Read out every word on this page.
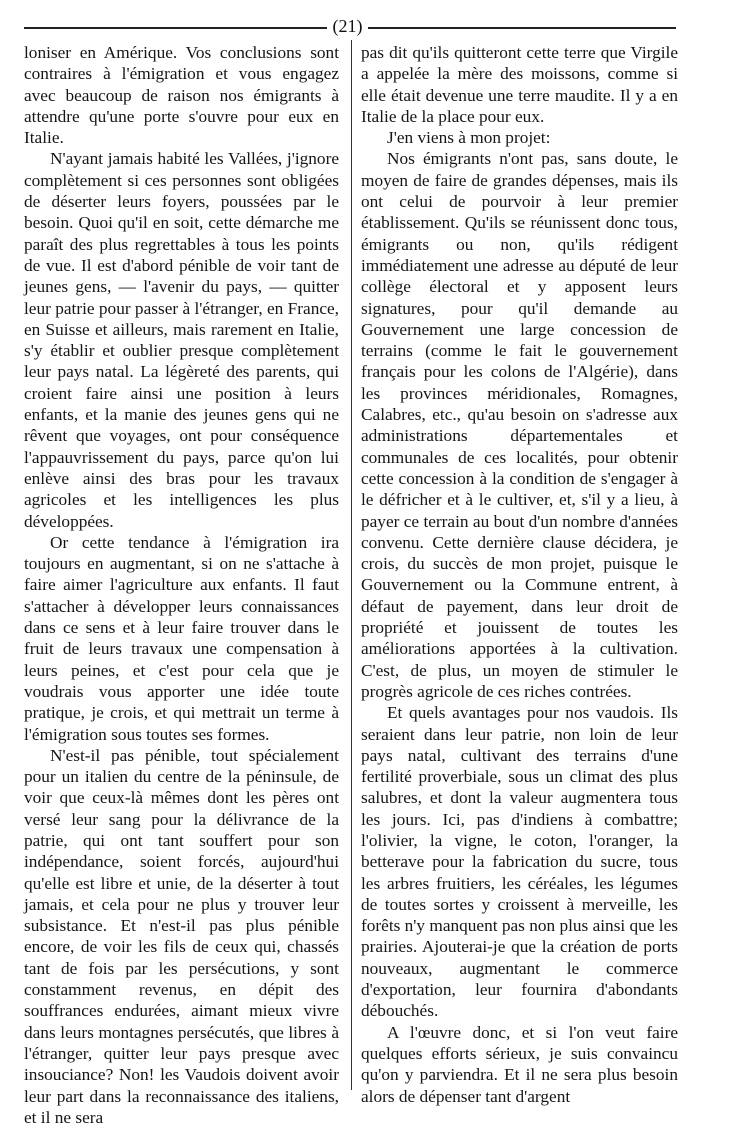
(21)

loniser en Amérique. Vos conclusions sont contraires à l'émigration et vous engagez avec beaucoup de raison nos émigrants à attendre qu'une porte s'ouvre pour eux en Italie.

N'ayant jamais habité les Vallées, j'ignore complètement si ces personnes sont obligées de déserter leurs foyers, poussées par le besoin. Quoi qu'il en soit, cette démarche me paraît des plus regrettables à tous les points de vue. Il est d'abord pénible de voir tant de jeunes gens, — l'avenir du pays, — quitter leur patrie pour passer à l'étranger, en France, en Suisse et ailleurs, mais rarement en Italie, s'y établir et oublier presque complètement leur pays natal. La légèreté des parents, qui croient faire ainsi une position à leurs enfants, et la manie des jeunes gens qui ne rêvent que voyages, ont pour conséquence l'appauvrissement du pays, parce qu'on lui enlève ainsi des bras pour les travaux agricoles et les intelligences les plus développées.

Or cette tendance à l'émigration ira toujours en augmentant, si on ne s'attache à faire aimer l'agriculture aux enfants. Il faut s'attacher à développer leurs connaissances dans ce sens et à leur faire trouver dans le fruit de leurs travaux une compensation à leurs peines, et c'est pour cela que je voudrais vous apporter une idée toute pratique, je crois, et qui mettrait un terme à l'émigration sous toutes ses formes.

N'est-il pas pénible, tout spécialement pour un italien du centre de la péninsule, de voir que ceux-là mêmes dont les pères ont versé leur sang pour la délivrance de la patrie, qui ont tant souffert pour son indépendance, soient forcés, aujourd'hui qu'elle est libre et unie, de la déserter à tout jamais, et cela pour ne plus y trouver leur subsistance. Et n'est-il pas plus pénible encore, de voir les fils de ceux qui, chassés tant de fois par les persécutions, y sont constamment revenus, en dépit des souffrances endurées, aimant mieux vivre dans leurs montagnes persécutés, que libres à l'étranger, quitter leur pays presque avec insouciance? Non! les Vaudois doivent avoir leur part dans la reconnaissance des italiens, et il ne sera

pas dit qu'ils quitteront cette terre que Virgile a appelée la mère des moissons, comme si elle était devenue une terre maudite. Il y a en Italie de la place pour eux.

J'en viens à mon projet:

Nos émigrants n'ont pas, sans doute, le moyen de faire de grandes dépenses, mais ils ont celui de pourvoir à leur premier établissement. Qu'ils se réunissent donc tous, émigrants ou non, qu'ils rédigent immédiatement une adresse au député de leur collège électoral et y apposent leurs signatures, pour qu'il demande au Gouvernement une large concession de terrains (comme le fait le gouvernement français pour les colons de l'Algérie), dans les provinces méridionales, Romagnes, Calabres, etc., qu'au besoin on s'adresse aux administrations départementales et communales de ces localités, pour obtenir cette concession à la condition de s'engager à le défricher et à le cultiver, et, s'il y a lieu, à payer ce terrain au bout d'un nombre d'années convenu. Cette dernière clause décidera, je crois, du succès de mon projet, puisque le Gouvernement ou la Commune entrent, à défaut de payement, dans leur droit de propriété et jouissent de toutes les améliorations apportées à la cultivation. C'est, de plus, un moyen de stimuler le progrès agricole de ces riches contrées.

Et quels avantages pour nos vaudois. Ils seraient dans leur patrie, non loin de leur pays natal, cultivant des terrains d'une fertilité proverbiale, sous un climat des plus salubres, et dont la valeur augmentera tous les jours. Ici, pas d'indiens à combattre; l'olivier, la vigne, le coton, l'oranger, la betterave pour la fabrication du sucre, tous les arbres fruitiers, les céréales, les légumes de toutes sortes y croissent à merveille, les forêts n'y manquent pas non plus ainsi que les prairies. Ajouterai-je que la création de ports nouveaux, augmentant le commerce d'exportation, leur fournira d'abondants débouchés.

A l'œuvre donc, et si l'on veut faire quelques efforts sérieux, je suis convaincu qu'on y parviendra. Et il ne sera plus besoin alors de dépenser tant d'argent
